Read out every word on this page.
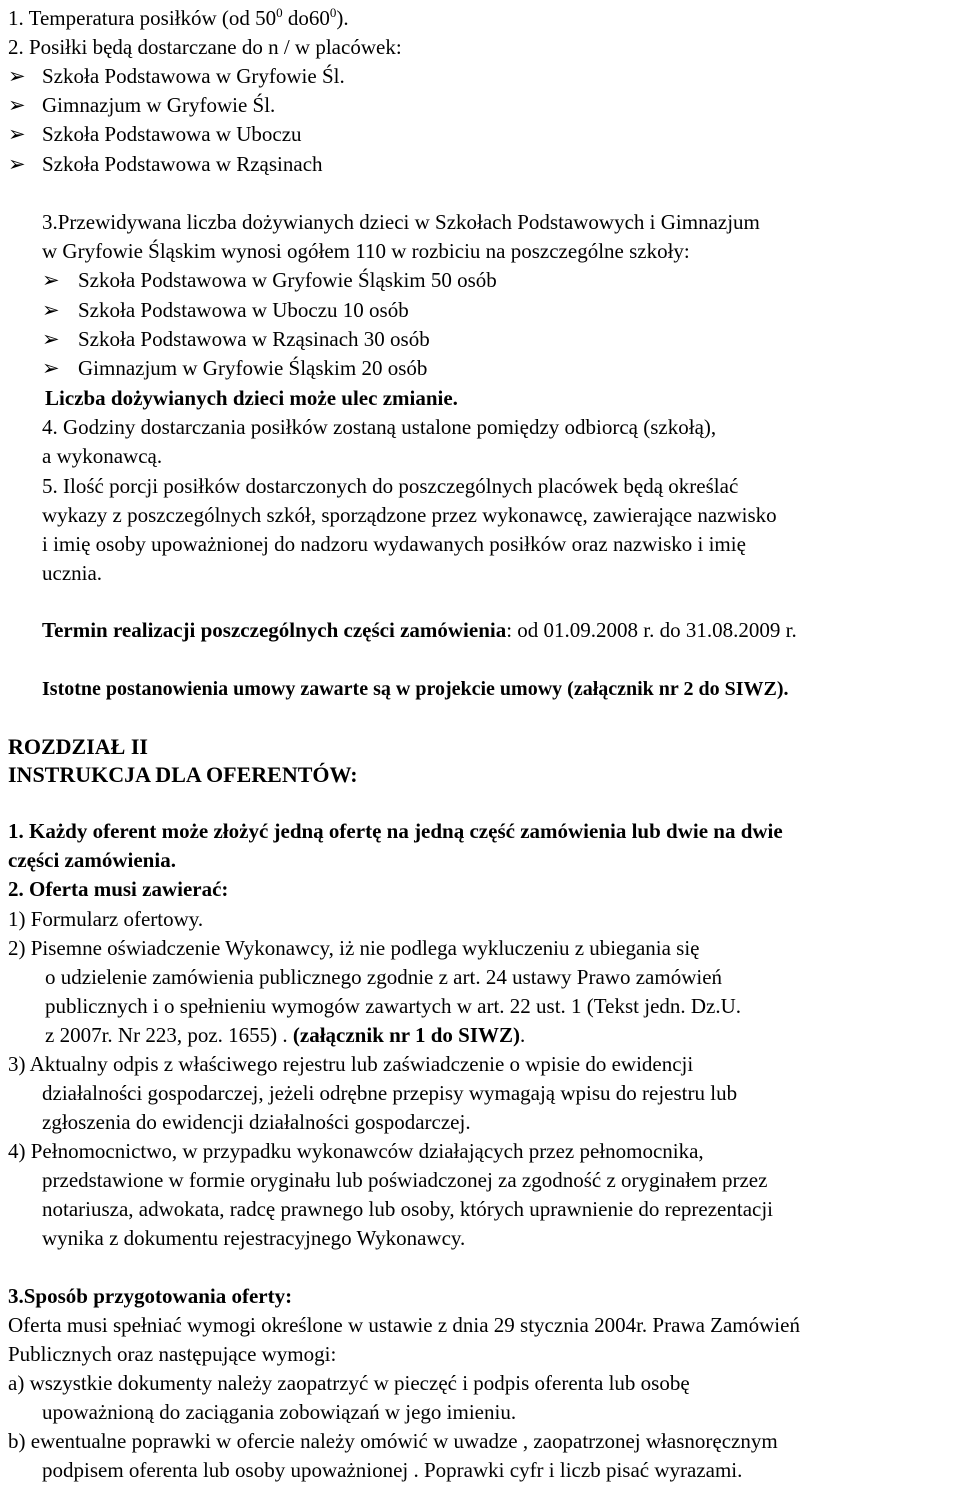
1. Temperatura posiłków (od $50^0$ $do60^0$).
2. Posiłki będą dostarczane do n / w placówek:
➢ Szkoła Podstawowa w Gryfowie Śl.
➢ Gimnazjum w Gryfowie Śl.
➢ Szkoła Podstawowa w Uboczu
➢ Szkoła Podstawowa w Rząsinach
3.Przewidywana liczba dożywianych dzieci w Szkołach Podstawowych i Gimnazjum
w Gryfowie Śląskim wynosi ogółem 110 w rozbiciu na poszczególne szkoły:
➢ Szkoła Podstawowa w Gryfowie Śląskim 50 osób
➢ Szkoła Podstawowa w Uboczu 10 osób
➢ Szkoła Podstawowa w Rząsinach 30 osób
➢ Gimnazjum w Gryfowie Śląskim 20 osób
Liczba dożywianych dzieci może ulec zmianie.
4. Godziny dostarczania posiłków zostaną ustalone pomiędzy odbiorcą (szkołą),
a wykonawcą.
5. Ilość porcji posiłków dostarczonych do poszczególnych placówek będą określać
wykazy z poszczególnych szkół, sporządzone przez wykonawcę, zawierające nazwisko
i imię osoby upoważnionej do nadzoru wydawanych posiłków oraz nazwisko i imię
ucznia.
Termin realizacji poszczególnych części zamówienia: od 01.09.2008 r. do 31.08.2009 r.
Istotne postanowienia umowy zawarte są w projekcie umowy (załącznik nr 2 do SIWZ).
ROZDZIAŁ II
INSTRUKCJA DLA OFERENTÓW:
1. Każdy oferent może złożyć jedną ofertę na jedną część zamówienia lub dwie na dwie
części zamówienia.
2. Oferta musi zawierać:
1) Formularz ofertowy.
2) Pisemne oświadczenie Wykonawcy, iż nie podlega wykluczeniu z ubiegania się
o udzielenie zamówienia publicznego zgodnie z art. 24 ustawy Prawo zamówień
publicznych i o spełnieniu wymogów zawartych w art. 22 ust. 1 (Tekst jedn. Dz.U.
z 2007r. Nr 223, poz. 1655) . (załącznik nr 1 do SIWZ).
3) Aktualny odpis z właściwego rejestru lub zaświadczenie o wpisie do ewidencji
działalności gospodarczej, jeżeli odrębne przepisy wymagają wpisu do rejestru lub
zgłoszenia do ewidencji działalności gospodarczej.
4) Pełnomocnictwo, w przypadku wykonawców działających przez pełnomocnika,
przedstawione w formie oryginału lub poświadczonej za zgodność z oryginałem przez
notariusza, adwokata, radcę prawnego lub osoby, których uprawnienie do reprezentacji
wynika z dokumentu rejestracyjnego Wykonawcy.
3.Sposób przygotowania oferty:
Oferta musi spełniać wymogi określone w ustawie z dnia 29 stycznia 2004r. Prawa Zamówień
Publicznych oraz następujące wymogi:
a) wszystkie dokumenty należy zaopatrzyć w pieczęć i podpis oferenta lub osobę
upoważnioną do zaciągania zobowiązań w jego imieniu.
b) ewentualne poprawki w ofercie należy omówić w uwadze , zaopatrzonej własnoręcznym
podpisem oferenta lub osoby upoważnionej . Poprawki cyfr i liczb pisać wyrazami.
